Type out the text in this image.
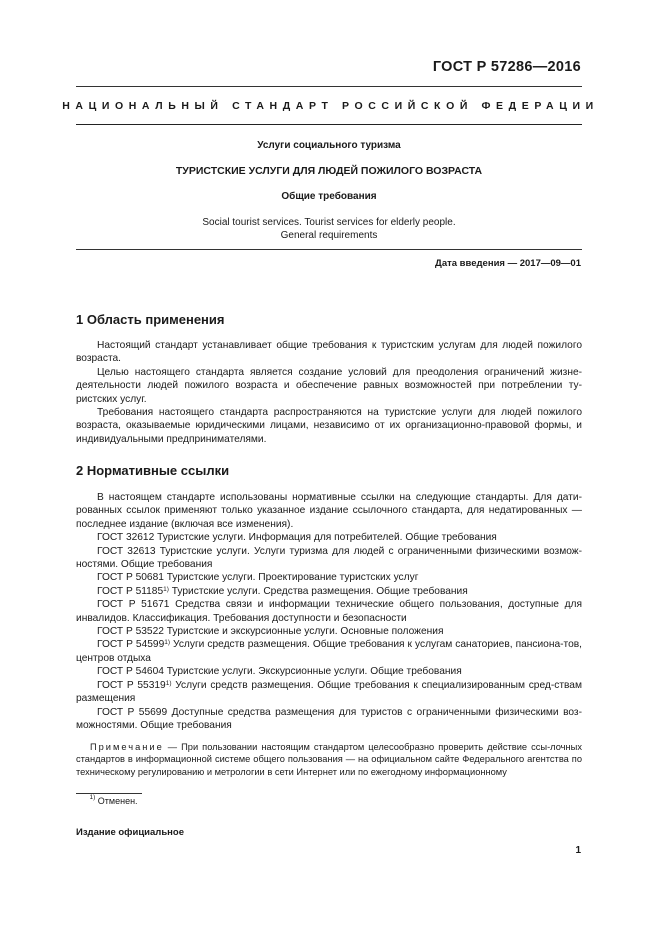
ГОСТ Р 57286—2016
НАЦИОНАЛЬНЫЙ СТАНДАРТ РОССИЙСКОЙ ФЕДЕРАЦИИ
Услуги социального туризма
ТУРИСТСКИЕ УСЛУГИ ДЛЯ ЛЮДЕЙ ПОЖИЛОГО ВОЗРАСТА
Общие требования
Social tourist services. Tourist services for elderly people.
General requirements
Дата введения — 2017—09—01
1 Область применения

Настоящий стандарт устанавливает общие требования к туристским услугам для людей пожилого возраста.

Целью настоящего стандарта является создание условий для преодоления ограничений жизне-деятельности людей пожилого возраста и обеспечение равных возможностей при потреблении ту-ристских услуг.

Требования настоящего стандарта распространяются на туристские услуги для людей пожилого возраста, оказываемые юридическими лицами, независимо от их организационно-правовой формы, и индивидуальными предпринимателями.

2 Нормативные ссылки

В настоящем стандарте использованы нормативные ссылки на следующие стандарты. Для дати-рованных ссылок применяют только указанное издание ссылочного стандарта, для недатированных — последнее издание (включая все изменения).

ГОСТ 32612 Туристские услуги. Информация для потребителей. Общие требования

ГОСТ 32613 Туристские услуги. Услуги туризма для людей с ограниченными физическими возмож-ностями. Общие требования

ГОСТ Р 50681 Туристские услуги. Проектирование туристских услуг

ГОСТ Р 51185$^{1)}$ Туристские услуги. Средства размещения. Общие требования

ГОСТ Р 51671 Средства связи и информации технические общего пользования, доступные для инвалидов. Классификация. Требования доступности и безопасности

ГОСТ Р 53522 Туристские и экскурсионные услуги. Основные положения

ГОСТ Р 54599$^{1)}$ Услуги средств размещения. Общие требования к услугам санаториев, пансиона-тов, центров отдыха

ГОСТ Р 54604 Туристские услуги. Экскурсионные услуги. Общие требования

ГОСТ Р 55319$^{1)}$ Услуги средств размещения. Общие требования к специализированным сред-ствам размещения

ГОСТ Р 55699 Доступные средства размещения для туристов с ограниченными физическими воз-можностями. Общие требования

  Примечание — При пользовании настоящим стандартом целесообразно проверить действие ссы-лочных стандартов в информационной системе общего пользования — на официальном сайте Федерального агентства по техническому регулированию и метрологии в сети Интернет или по ежегодному информационному
  $^{1)}$ Отменен.
Издание официальное
1
